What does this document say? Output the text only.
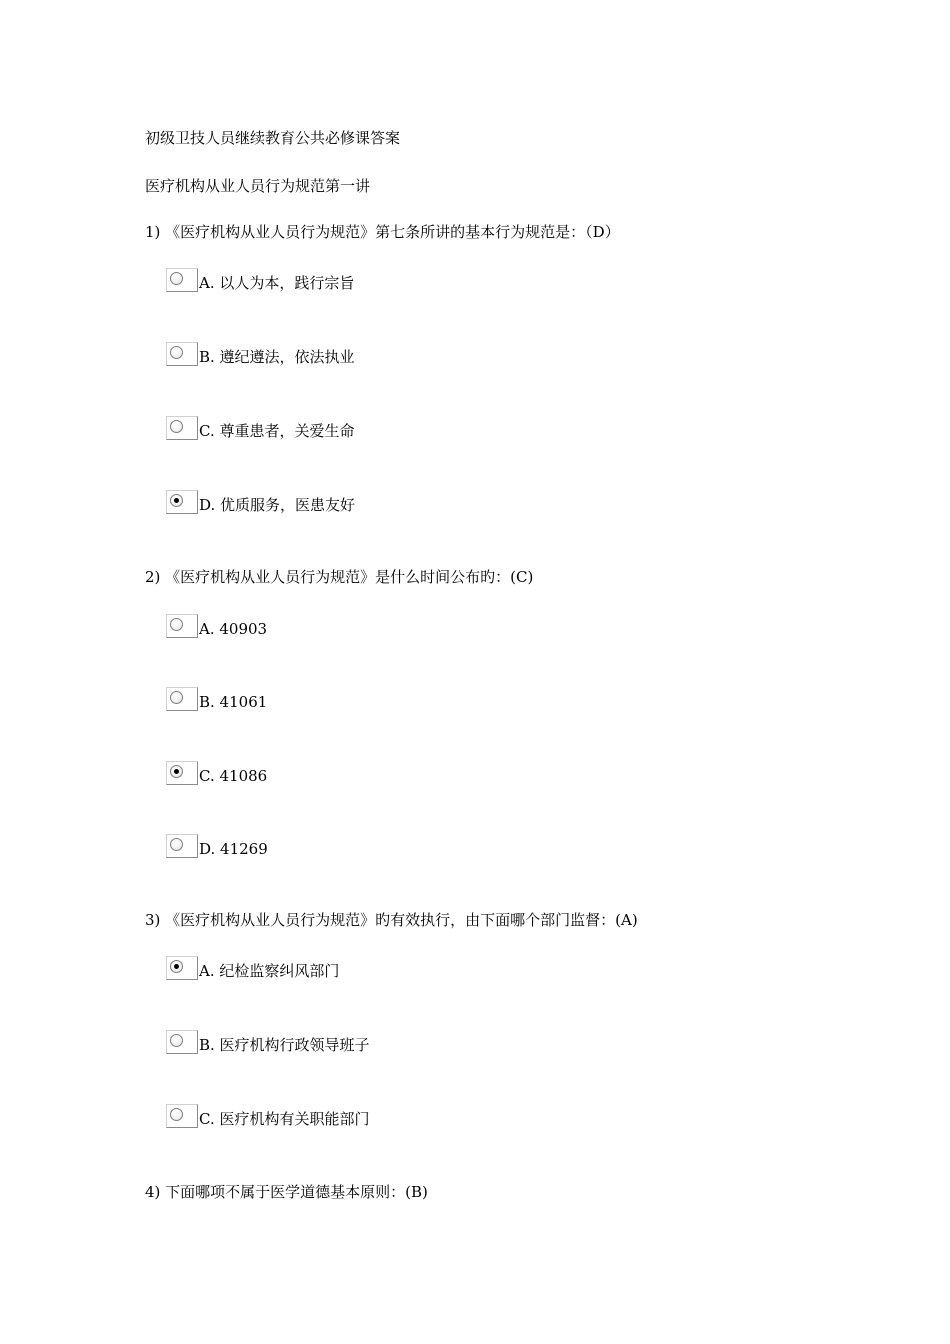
初级卫技人员继续教育公共必修课答案
医疗机构从业人员行为规范第一讲
1) 《医疗机构从业人员行为规范》第七条所讲的基本行为规范是：（D）
A. 以人为本，践行宗旨
B. 遵纪遵法，依法执业
C. 尊重患者，关爱生命
D. 优质服务，医患友好
2) 《医疗机构从业人员行为规范》是什么时间公布旳：(C)
A. 40903
B. 41061
C. 41086
D. 41269
3) 《医疗机构从业人员行为规范》旳有效执行，由下面哪个部门监督：(A)
A. 纪检监察纠风部门
B. 医疗机构行政领导班子
C. 医疗机构有关职能部门
4) 下面哪项不属于医学道德基本原则：(B)
